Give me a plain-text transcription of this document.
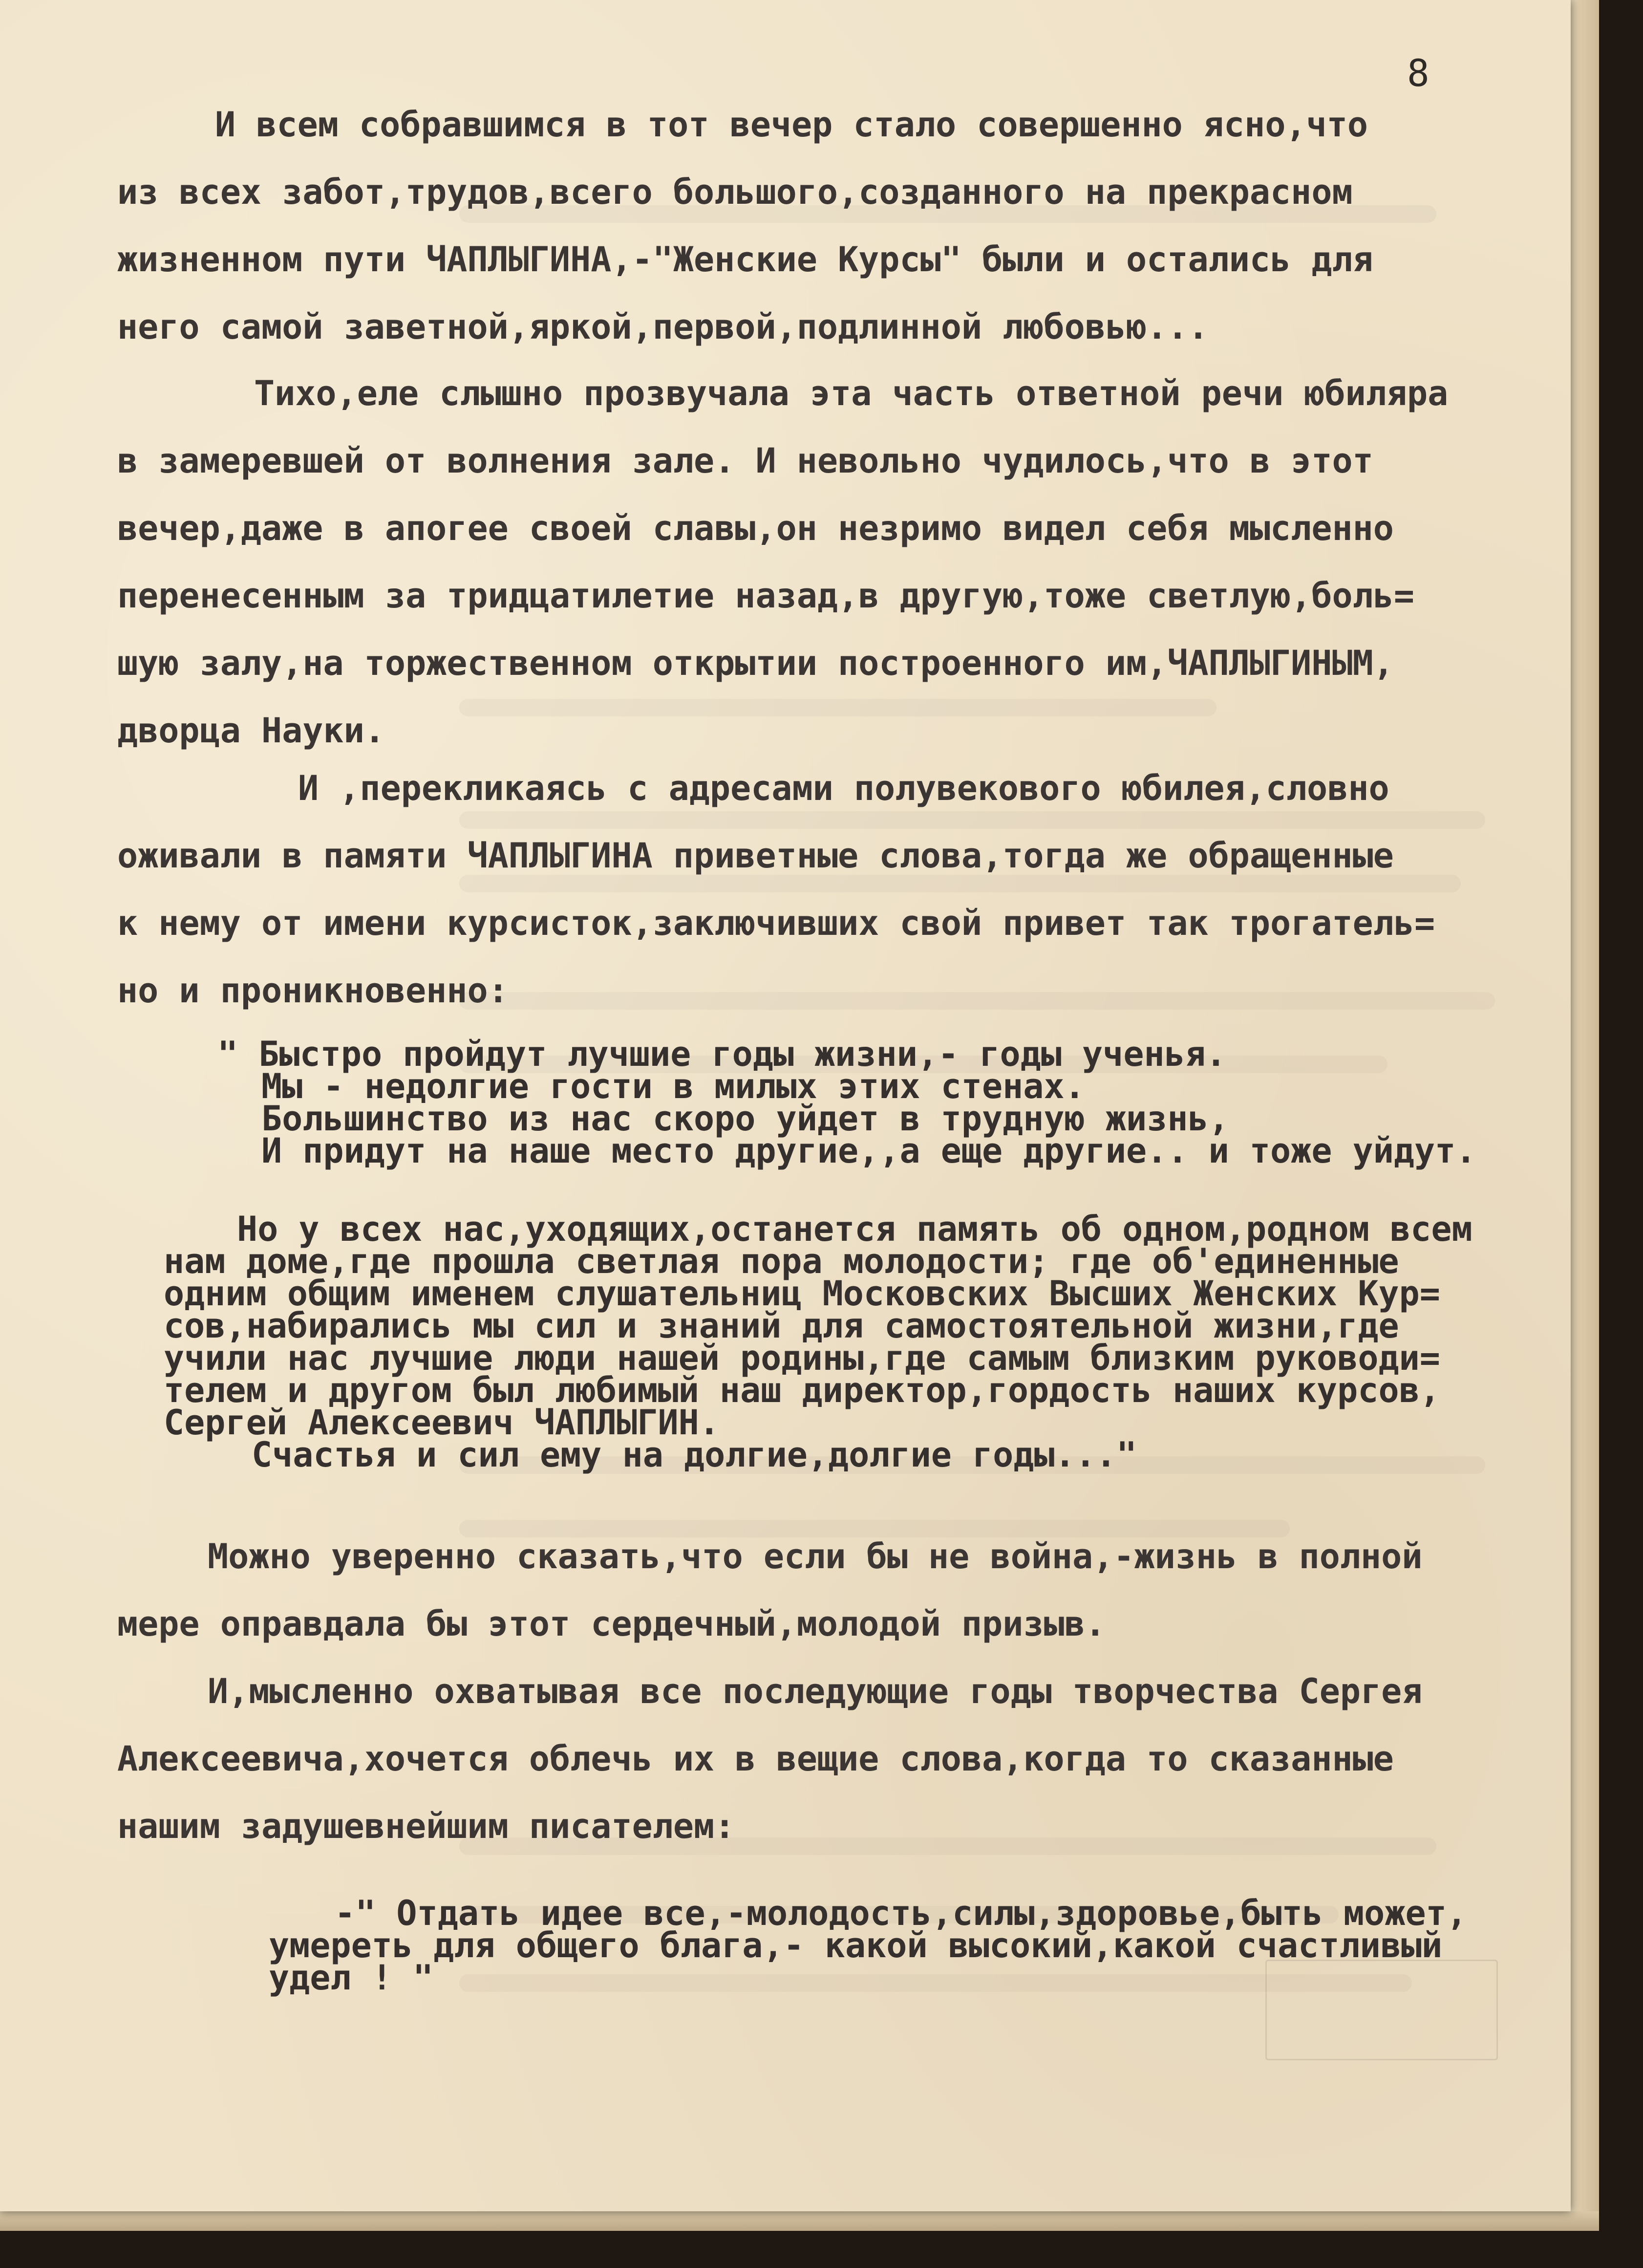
8

И всем собравшимся в тот вечер стало совершенно ясно,что

из всех забот,трудов,всего большого,созданного на прекрасном

жизненном пути ЧАПЛЫГИНА,-"Женские Курсы" были и остались для

него самой заветной,яркой,первой,подлинной любовью...

Тихо,еле слышно прозвучала эта часть ответной речи юбиляра

в замеревшей от волнения зале. И невольно чудилось,что в этот

вечер,даже в апогее своей славы,он незримо видел себя мысленно

перенесенным за тридцатилетие назад,в другую,тоже светлую,боль=

шую залу,на торжественном открытии построенного им,ЧАПЛЫГИНЫМ,

дворца Науки.

И ,перекликаясь с адресами полувекового юбилея,словно

оживали в памяти ЧАПЛЫГИНА приветные слова,тогда же обращенные

к нему от имени курсисток,заключивших свой привет так трогатель=

но и проникновенно:

" Быстро пройдут лучшие годы жизни,- годы ученья.

Мы - недолгие гости в милых этих стенах.

Большинство из нас скоро уйдет в трудную жизнь,

И придут на наше место другие,,а еще другие.. и тоже уйдут.

Но у всех нас,уходящих,останется память об одном,родном всем

нам доме,где прошла светлая пора молодости; где об'единенные

одним общим именем слушательниц Московских Высших Женских Кур=

сов,набирались мы сил и знаний для самостоятельной жизни,где

учили нас лучшие люди нашей родины,где самым близким руководи=

телем и другом был любимый наш директор,гордость наших курсов,

Сергей Алексеевич ЧАПЛЫГИН.

Счастья и сил ему на долгие,долгие годы..."

Можно уверенно сказать,что если бы не война,-жизнь в полной

мере оправдала бы этот сердечный,молодой призыв.

И,мысленно охватывая все последующие годы творчества Сергея

Алексеевича,хочется облечь их в вещие слова,когда то сказанные

нашим задушевнейшим писателем:

-" Отдать идее все,-молодость,силы,здоровье,быть может,

умереть для общего блага,- какой высокий,какой счастливый

удел ! "
